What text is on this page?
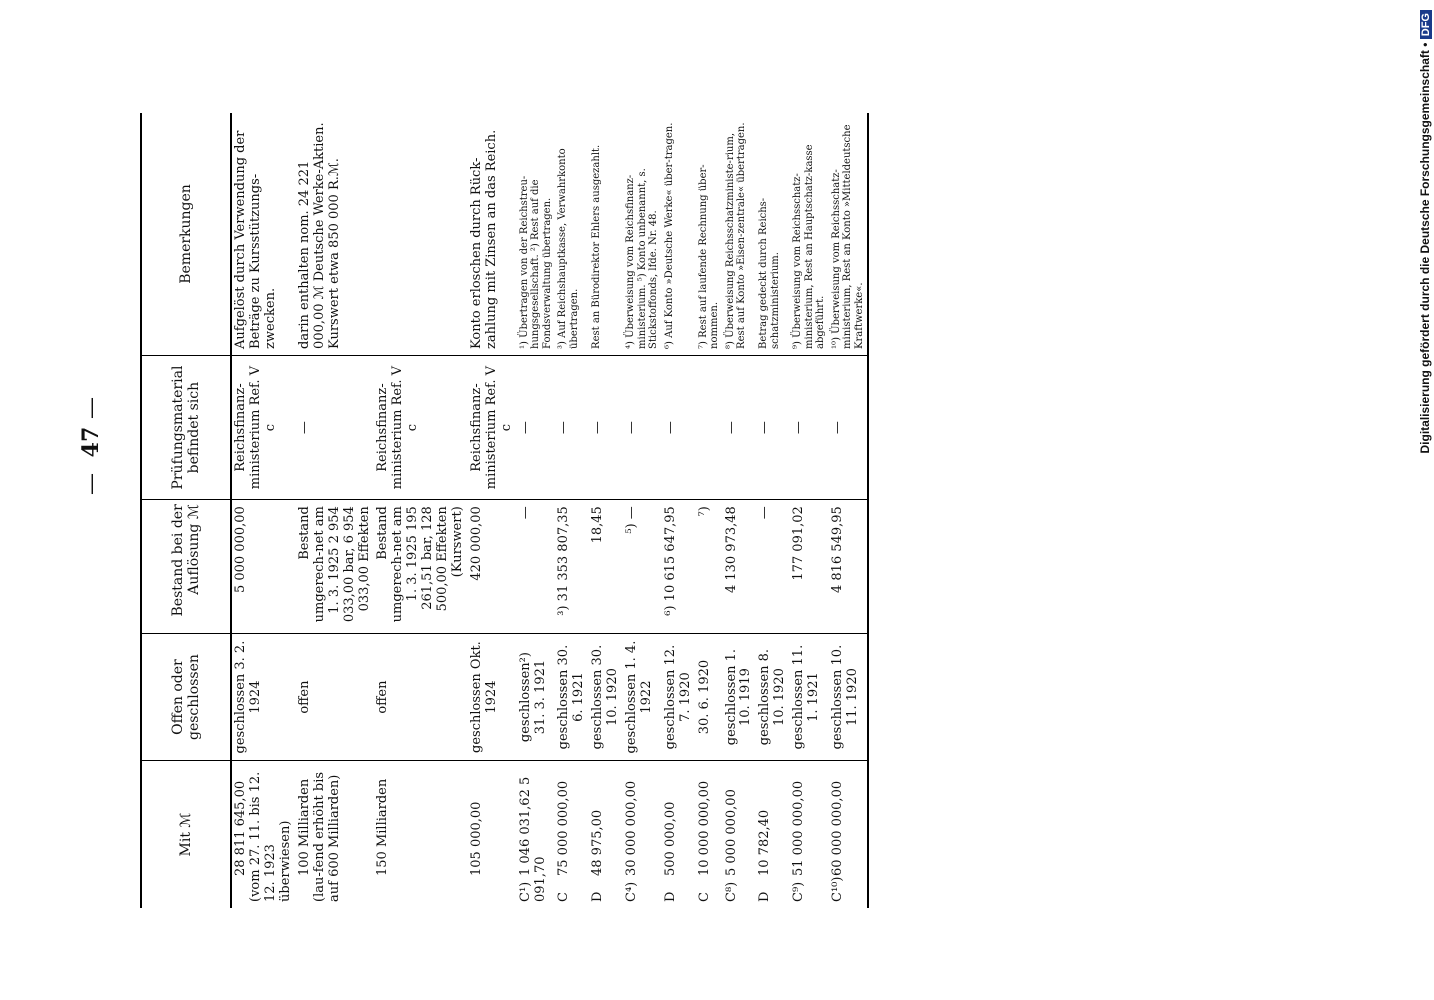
— 47 —
Mit ℳ	Offen oder geschlossen	Bestand bei der Auflösung ℳ	Prüfungsmaterial befindet sich	Bemerkungen
28 811 645,00 (vom 27. 11. bis 12. 12. 1923 überwiesen)	geschlossen 3. 2. 1924	5 000 000,00	Reichsfinanz-ministerium Ref. V c	Aufgelöst durch Verwendung der Beträge zu Kursstützungs-zwecken.
100 Milliarden (lau-fend erhöht bis auf 600 Milliarden)	offen	Bestand umgerech-net am 1. 3. 1925 2 954 033,00 bar, 6 954 033,00 Effekten	—	darin enthalten nom. 24 221 000,00 ℳ Deutsche Werke-Aktien. Kurswert etwa 850 000 R.ℳ.
150 Milliarden	offen	Bestand umgerech-net am 1. 3. 1925 195 261,51 bar, 128 500,00 Effekten (Kurswert)	Reichsfinanz-ministerium Ref. V c	
105 000,00	geschlossen Okt. 1924	420 000,00	Reichsfinanz-ministerium Ref. V c	Konto erloschen durch Rück-zahlung mit Zinsen an das Reich.
C¹)1 046 031,62 5 091,70	geschlossen²) 31. 3. 1921	—	—	¹) Übertragen von der Reichstreu-hungsgesellschaft. ²) Rest auf die Fondsverwaltung übertragen.
C75 000 000,00	geschlossen 30. 6. 1921	³) 31 353 807,35	—	³) Auf Reichshauptkasse, Verwahrkonto übertragen.
D48 975,00	geschlossen 30. 10. 1920	18,45	—	Rest an Bürodirektor Ehlers ausgezahlt.
C⁴)30 000 000,00	geschlossen 1. 4. 1922	⁵) —	—	⁴) Überweisung vom Reichsfinanz-ministerium. ⁵) Konto unbenannt, s. Stickstoffonds, lfde. Nr. 48.
D500 000,00	geschlossen 12. 7. 1920	⁶) 10 615 647,95	—	⁶) Auf Konto »Deutsche Werke« über-tragen.
C10 000 000,00	30. 6. 1920	⁷)		⁷) Rest auf laufende Rechnung über-nommen.
C⁸)5 000 000,00	geschlossen 1. 10. 1919	4 130 973,48	—	⁸) Überweisung Reichsschatzministe-rium, Rest auf Konto »Eisen-zentrale« übertragen.
D10 782,40	geschlossen 8. 10. 1920	—	—	Betrag gedeckt durch Reichs-schatzministerium.
C⁹)51 000 000,00	geschlossen 11. 1. 1921	177 091,02	—	⁹) Überweisung vom Reichsschatz-ministerium, Rest an Hauptschatz-kasse abgeführt.
C¹⁰)60 000 000,00	geschlossen 10. 11. 1920	4 816 549,95	—	¹⁰) Überweisung vom Reichsschatz-ministerium, Rest an Konto »Mitteldeutsche Kraftwerke«.	Digitalisierung gefördert durch die Deutsche Forschungsgemeinschaft • DFG
